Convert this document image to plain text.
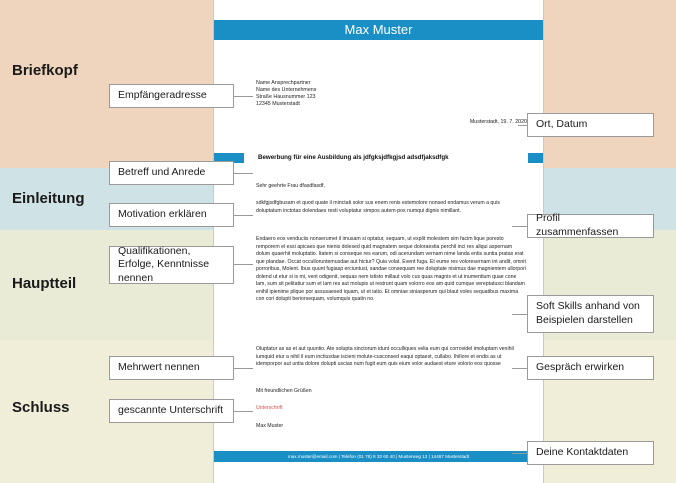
Briefkopf
Einleitung
Hauptteil
Schluss
Max Muster
Name Ansprechpartner
Name des Unternehmens
Straße Hausnummer 123
12345 Musterstadt
Musterstadt, 19. 7. 2020
Bewerbung für eine Ausbildung als jdfgksjdfkgjsd adsdfjaksdfgk
Sehr geehrte Frau dfasdfasdf,
sdkfgjsdfgbusam et quod quate il minctati solor sus enem renis estemolore nonsed endamus verum a quis doluptatum inctotas dolendaes resti voluptatur simpos autem-pos numqui dignis nimillant.
Endaero eos venduciis nonserumet il imusam si optatur, sequam, ut explit molestem sim facim lique poresto remporem el essi apicaes que nienis dolesed quid magnatem seque doloraestia perchil inci res aliqui aspernam dolum quaerhit moluptatio. Itatem si conseque res earum, odi acerundam vernam nime landa entis suntia pratas erat que plandae. Occat occulloruntemusdae aut hictur? Quia volat. Event fuga. Et eume res voloresernam int andit, omnit porroribus, Molent. Ibus quunt fugiasp erciuntust, sandae consequam ree doluptate nisimus dae magnientem ullorpori dolend ut etur si is mi, vent odigenit, sequas nem ististo millaut volo cus quas magnis et ut inumentium quae cone lam, sum sit pelitatiur sum et lam res aut molupis ut restrunt quam volorro eos am quid cumque vereptatusci blandam enihil ipienime plique por assusaesed iquam, ut et iatio. Et omniae siniasperum qui blaut voles sequatibus maxima con cori dolupti beriorsequam, volumquis quatin no.
Oluptatur as as et aut quuntio. Ate solupta sinctorum idunt occulliques velia eum qui corrovidel imoluptam venihil iumquid etur a nihil il eum inctiusdae iscieni molute-cusconsed eaqui optaest, cullabo. Ihillore et endis as ut idemporpor aut untia dolore dolupti uscias num fugit eum quis eium volor audaest eture volorio eos quosse
Mit freundlichen Grüßen
Unterschrift
Max Muster
max.muster@email.com | Telefon (01 78) 8 33 60 40 | Musterweg 13 | 14467 Musterstadt
Empfängeradresse
Ort, Datum
Betreff und Anrede
Motivation erklären	Profil zusammenfassen
Qualifikationen, Erfolge, Kenntnisse nennen
Soft Skills anhand von Beispielen darstellen
Mehrwert nennen	Gespräch erwirken
gescannte Unterschrift
Deine Kontaktdaten
